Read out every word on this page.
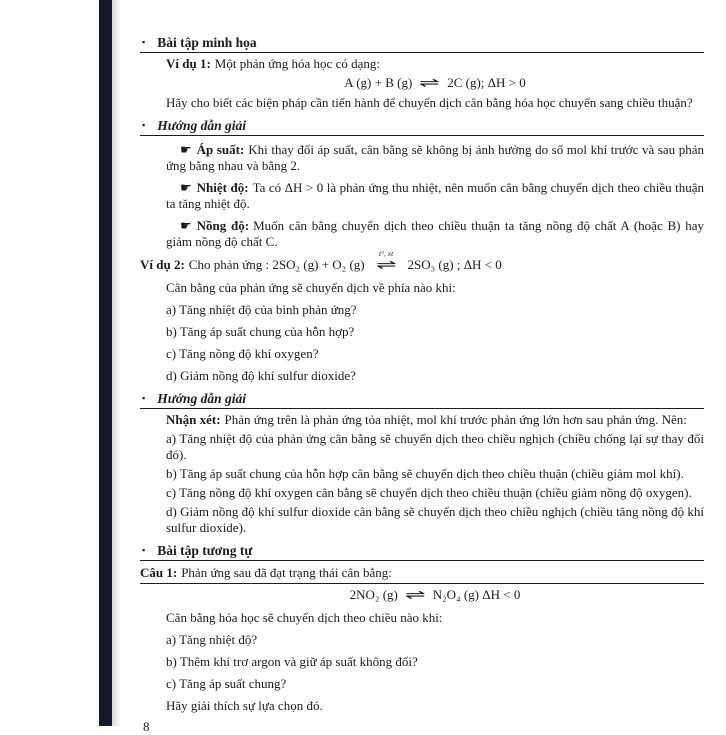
▪ Bài tập minh họa

Ví dụ 1: Một phản ứng hóa học có dạng:

A (g) + B (g) ⇌ 2C (g); ΔH > 0

Hãy cho biết các biện pháp cần tiến hành để chuyển dịch cân bằng hóa học chuyển sang chiều thuận?

▪ Hướng dẫn giải

☛ Áp suất: Khi thay đổi áp suất, cân bằng sẽ không bị ảnh hưởng do số mol khí trước và sau phản ứng bằng nhau và bằng 2.

☛ Nhiệt độ: Ta có ΔH > 0 là phản ứng thu nhiệt, nên muốn cân bằng chuyển dịch theo chiều thuận ta tăng nhiệt độ.

☛ Nồng độ: Muốn cân bằng chuyển dịch theo chiều thuận ta tăng nồng độ chất A (hoặc B) hay giảm nồng độ chất C.

Ví dụ 2: Cho phản ứng : 2SO₂ (g) + O₂ (g)
t°, xt
⇌ 2SO₃ (g) ; ΔH < 0

Cân bằng của phản ứng sẽ chuyển dịch về phía nào khi:

a) Tăng nhiệt độ của bình phản ứng?

b) Tăng áp suất chung của hỗn hợp?

c) Tăng nồng độ khí oxygen?

d) Giảm nồng độ khí sulfur dioxide?

▪ Hướng dẫn giải

Nhận xét: Phản ứng trên là phản ứng tỏa nhiệt, mol khí trước phản ứng lớn hơn sau phản ứng. Nên:

a) Tăng nhiệt độ của phản ứng cân bằng sẽ chuyển dịch theo chiều nghịch (chiều chống lại sự thay đổi đó).

b) Tăng áp suất chung của hỗn hợp cân bằng sẽ chuyển dịch theo chiều thuận (chiều giảm mol khí).

c) Tăng nồng độ khí oxygen cân bằng sẽ chuyển dịch theo chiều thuận (chiều giảm nồng độ oxygen).

d) Giảm nồng độ khí sulfur dioxide cân bằng sẽ chuyển dịch theo chiều nghịch (chiều tăng nồng độ khí sulfur dioxide).

▪ Bài tập tương tự
Câu 1: Phản ứng sau đã đạt trạng thái cân bằng:

2NO₂ (g) ⇌ N₂O₄ (g) ΔH < 0

Cân bằng hóa học sẽ chuyển dịch theo chiều nào khi:

a) Tăng nhiệt độ?

b) Thêm khí trơ argon và giữ áp suất không đổi?

c) Tăng áp suất chung?

Hãy giải thích sự lựa chọn đó.

8
